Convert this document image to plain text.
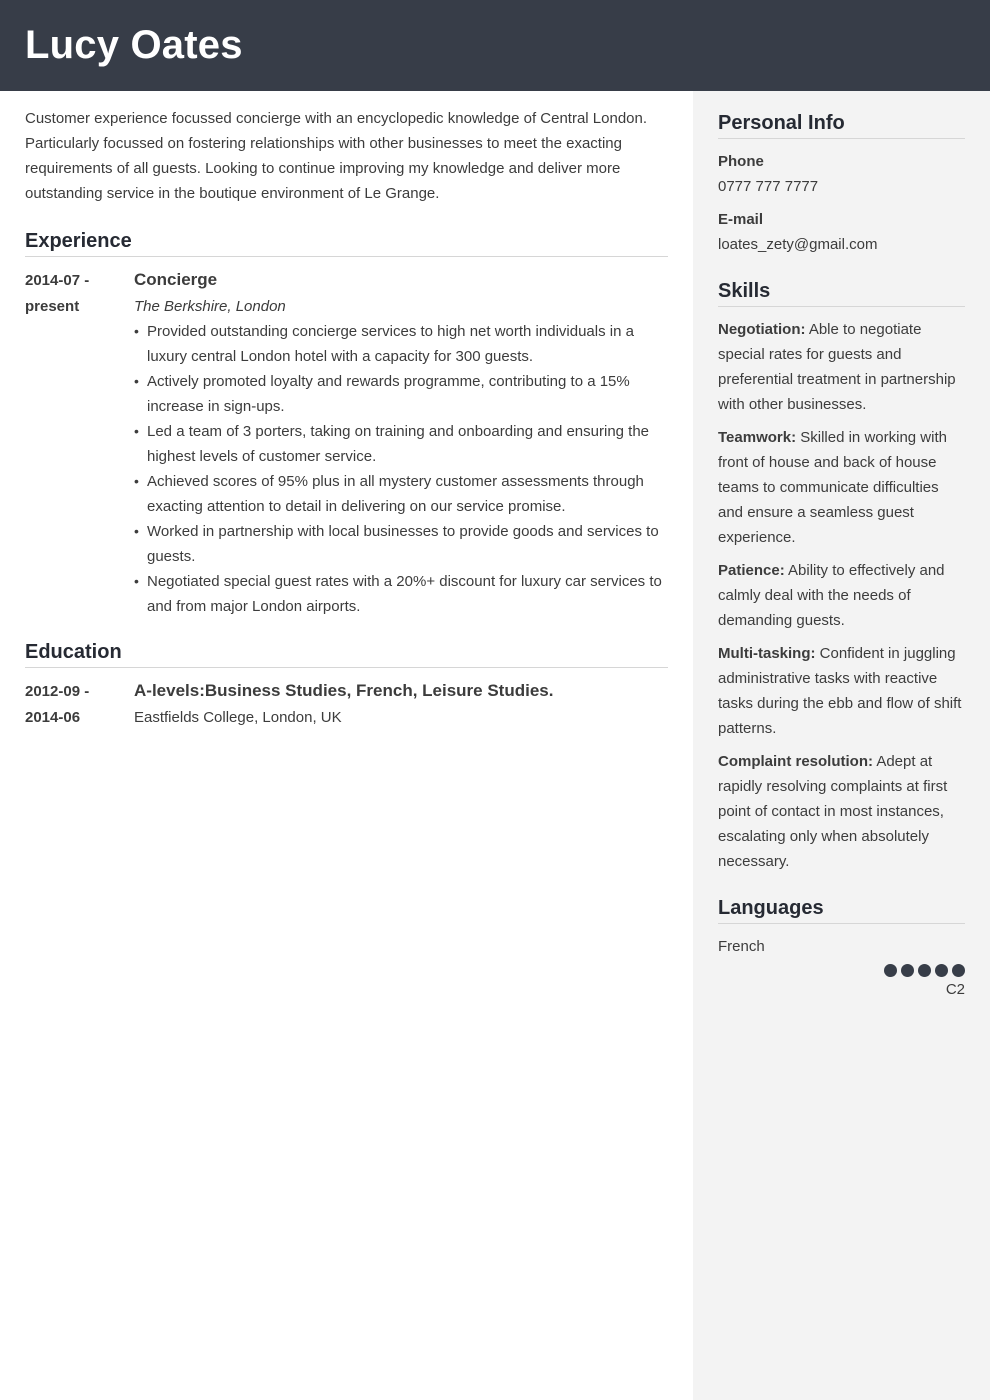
Lucy Oates

Customer experience focussed concierge with an encyclopedic knowledge of Central London. Particularly focussed on fostering relationships with other businesses to meet the exacting requirements of all guests. Looking to continue improving my knowledge and deliver more outstanding service in the boutique environment of Le Grange.

Experience
2014-07 -
present
Concierge
The Berkshire, London
• Provided outstanding concierge services to high net worth individuals in a luxury central London hotel with a capacity for 300 guests.
• Actively promoted loyalty and rewards programme, contributing to a 15% increase in sign-ups.
• Led a team of 3 porters, taking on training and onboarding and ensuring the highest levels of customer service.
• Achieved scores of 95% plus in all mystery customer assessments through exacting attention to detail in delivering on our service promise.
• Worked in partnership with local businesses to provide goods and services to guests.
• Negotiated special guest rates with a 20%+ discount for luxury car services to and from major London airports.
Education
2012-09 -
2014-06
A-levels:Business Studies, French, Leisure Studies.
Eastfields College, London, UK
Personal Info
Phone
0777 777 7777
E-mail
loates_zety@gmail.com
Skills

Negotiation: Able to negotiate special rates for guests and preferential treatment in partnership with other businesses.

Teamwork: Skilled in working with front of house and back of house teams to communicate difficulties and ensure a seamless guest experience.

Patience: Ability to effectively and calmly deal with the needs of demanding guests.

Multi-tasking: Confident in juggling administrative tasks with reactive tasks during the ebb and flow of shift patterns.

Complaint resolution: Adept at rapidly resolving complaints at first point of contact in most instances, escalating only when absolutely necessary.

Languages
French
C2
